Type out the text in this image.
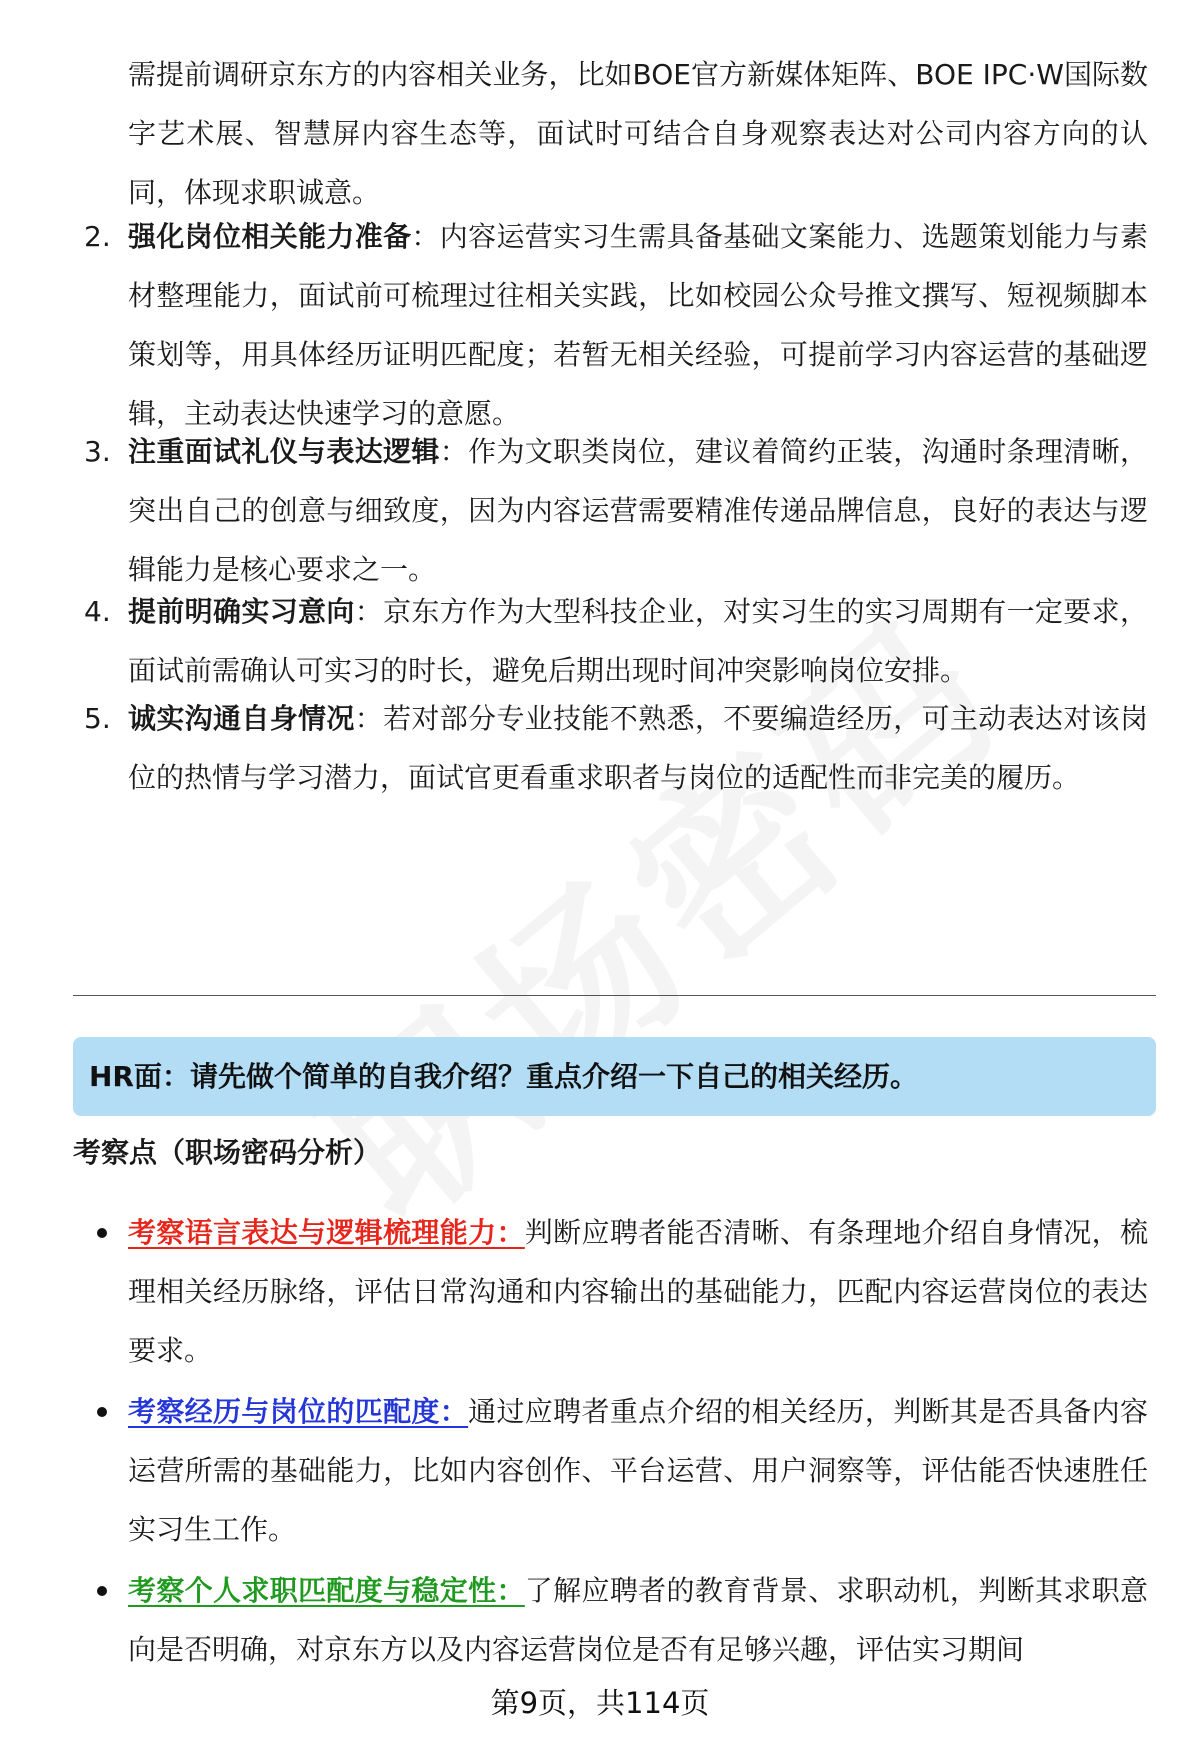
需提前调研京东方的内容相关业务，比如BOE官方新媒体矩阵、BOE IPC·W国际数字艺术展、智慧屏内容生态等，面试时可结合自身观察表达对公司内容方向的认同，体现求职诚意。
2. 强化岗位相关能力准备：内容运营实习生需具备基础文案能力、选题策划能力与素材整理能力，面试前可梳理过往相关实践，比如校园公众号推文撰写、短视频脚本策划等，用具体经历证明匹配度；若暂无相关经验，可提前学习内容运营的基础逻辑，主动表达快速学习的意愿。
3. 注重面试礼仪与表达逻辑：作为文职类岗位，建议着简约正装，沟通时条理清晰，突出自己的创意与细致度，因为内容运营需要精准传递品牌信息，良好的表达与逻辑能力是核心要求之一。
4. 提前明确实习意向：京东方作为大型科技企业，对实习生的实习周期有一定要求，面试前需确认可实习的时长，避免后期出现时间冲突影响岗位安排。
5. 诚实沟通自身情况：若对部分专业技能不熟悉，不要编造经历，可主动表达对该岗位的热情与学习潜力，面试官更看重求职者与岗位的适配性而非完美的履历。
HR面：请先做个简单的自我介绍？重点介绍一下自己的相关经历。
考察点（职场密码分析）
考察语言表达与逻辑梳理能力：判断应聘者能否清晰、有条理地介绍自身情况，梳理相关经历脉络，评估日常沟通和内容输出的基础能力，匹配内容运营岗位的表达要求。
考察经历与岗位的匹配度：通过应聘者重点介绍的相关经历，判断其是否具备内容运营所需的基础能力，比如内容创作、平台运营、用户洞察等，评估能否快速胜任实习生工作。
考察个人求职匹配度与稳定性：了解应聘者的教育背景、求职动机，判断其求职意向是否明确，对京东方以及内容运营岗位是否有足够兴趣，评估实习期间
第9页，共114页
